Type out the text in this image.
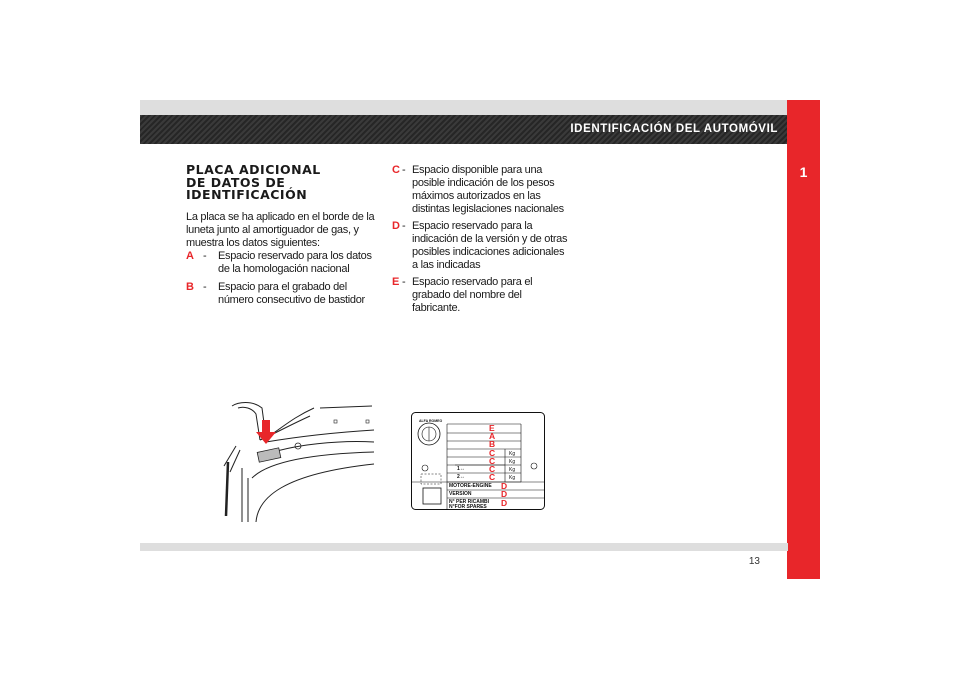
IDENTIFICACIÓN DEL AUTOMÓVIL
1
PLACA ADICIONAL
DE DATOS DE
IDENTIFICACIÓN
La placa se ha aplicado en el borde de la luneta junto al amortiguador de gas, y muestra los datos siguientes:
A - Espacio reservado para los datos de la homologación nacional
B - Espacio para el grabado del número consecutivo de bastidor
C - Espacio disponible para una posible indicación de los pesos máximos autorizados en las distintas legislaciones nacionales
D - Espacio reservado para la indicación de la versión y de otras posibles indicaciones adicionales a las indicadas
E - Espacio reservado para el grabado del nombre del fabricante.
ALFA ROMEO
E
A
B
C
C
C
C
D
D
D
Kg
Kg
Kg
Kg
1↔
2↔
MOTORE-ENGINE
VERSION
N° PER RICAMBI
N°FOR SPARES
13
